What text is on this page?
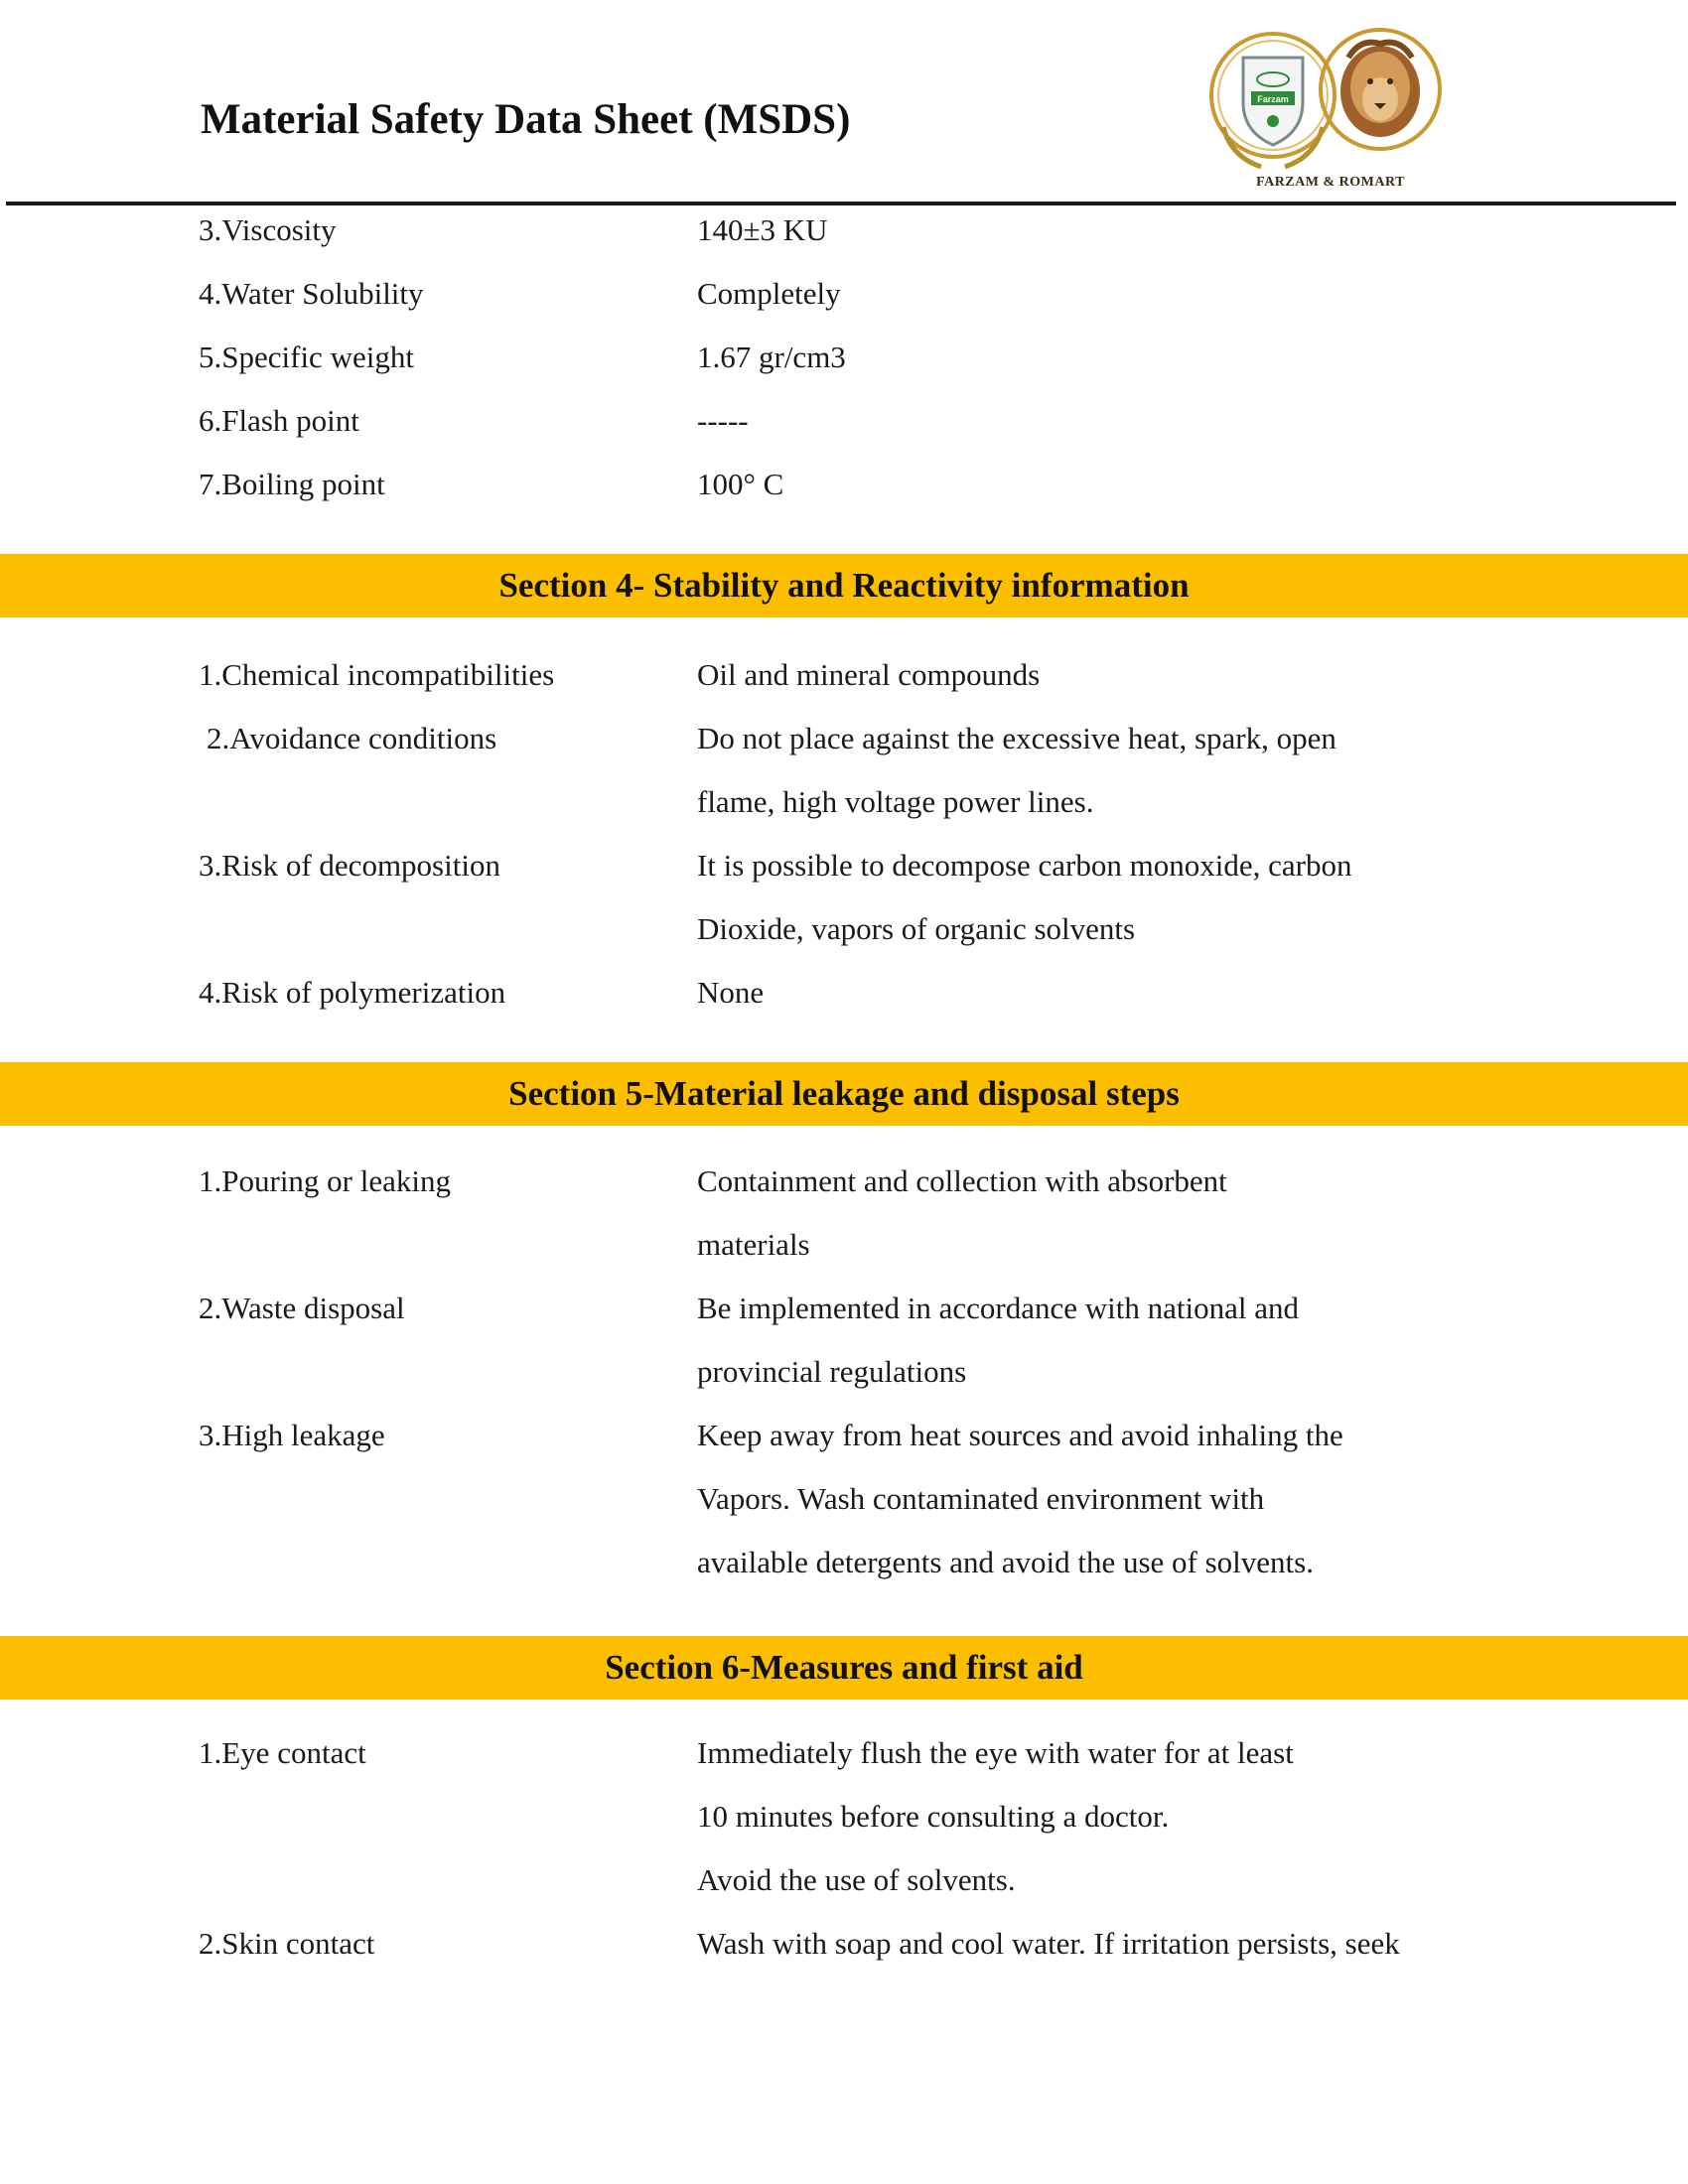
Material Safety Data Sheet (MSDS)	Farzam
FARZAM & ROMART
3.Viscosity	140±3 KU
4.Water Solubility	Completely
5.Specific weight	1.67 gr/cm3
6.Flash point	-----
7.Boiling point	100° C
Section 4- Stability and Reactivity information
1.Chemical incompatibilities	Oil and mineral compounds
2.Avoidance conditions	Do not place against the excessive heat, spark, open
flame, high voltage power lines.
3.Risk of decomposition	It is possible to decompose carbon monoxide, carbon
Dioxide, vapors of organic solvents
4.Risk of polymerization	None
Section 5-Material leakage and disposal steps
1.Pouring or leaking	Containment and collection with absorbent
materials
2.Waste disposal	Be implemented in accordance with national and
provincial regulations
3.High leakage	Keep away from heat sources and avoid inhaling the
Vapors. Wash contaminated environment with
available detergents and avoid the use of solvents.
Section 6-Measures and first aid
1.Eye contact	Immediately flush the eye with water for at least
10 minutes before consulting a doctor.
Avoid the use of solvents.
2.Skin contact	Wash with soap and cool water. If irritation persists, seek
